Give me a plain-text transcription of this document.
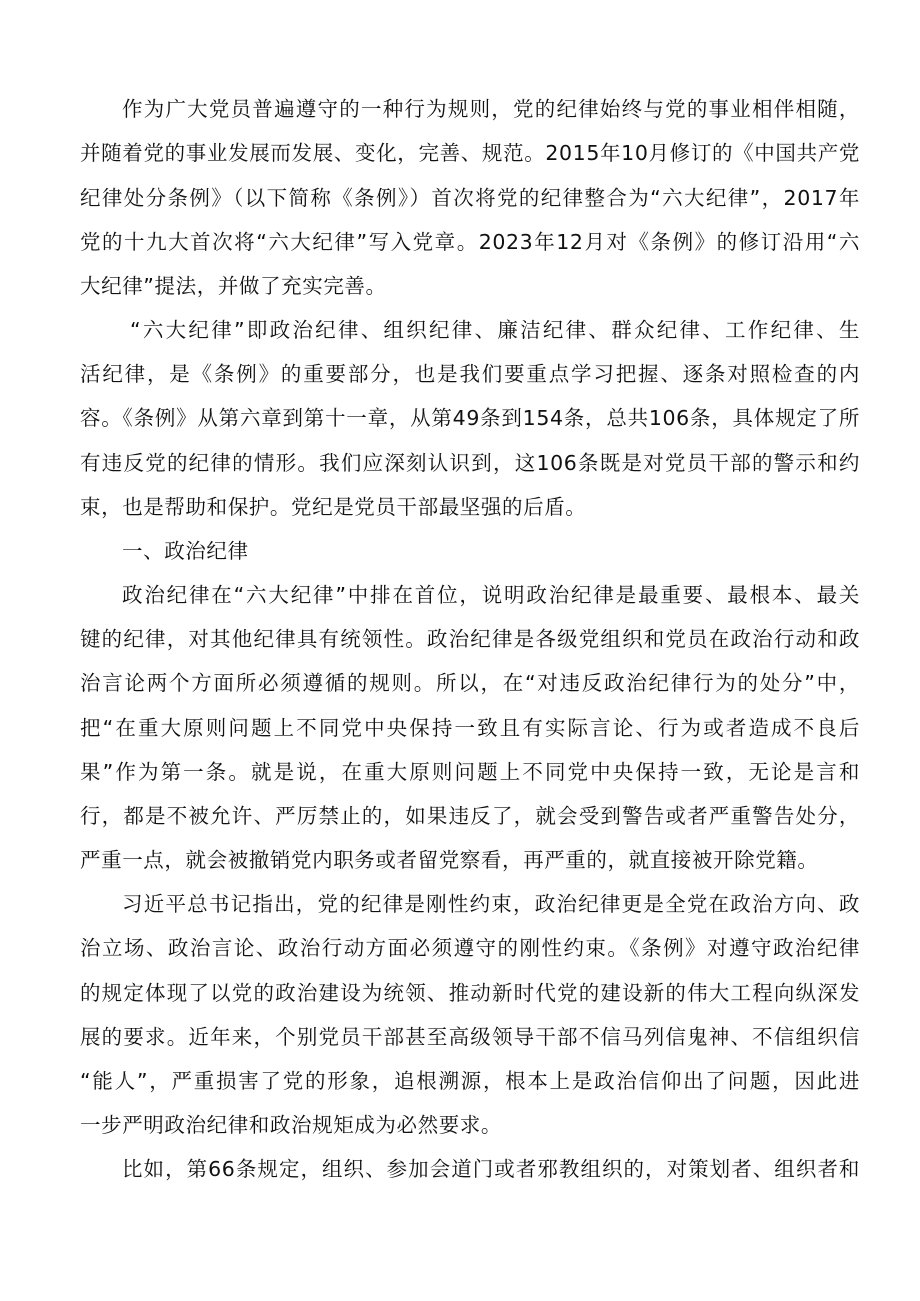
作为广大党员普遍遵守的一种行为规则，党的纪律始终与党的事业相伴相随，
并随着党的事业发展而发展、变化，完善、规范。2015年10月修订的《中国共产党
纪律处分条例》（以下简称《条例》）首次将党的纪律整合为“六大纪律”，2017年
党的十九大首次将“六大纪律”写入党章。2023年12月对《条例》的修订沿用“六
大纪律”提法，并做了充实完善。
“六大纪律”即政治纪律、组织纪律、廉洁纪律、群众纪律、工作纪律、生
活纪律，是《条例》的重要部分，也是我们要重点学习把握、逐条对照检查的内
容。《条例》从第六章到第十一章，从第49条到154条，总共106条，具体规定了所
有违反党的纪律的情形。我们应深刻认识到，这106条既是对党员干部的警示和约
束，也是帮助和保护。党纪是党员干部最坚强的后盾。
一、政治纪律
政治纪律在“六大纪律”中排在首位，说明政治纪律是最重要、最根本、最关
键的纪律，对其他纪律具有统领性。政治纪律是各级党组织和党员在政治行动和政
治言论两个方面所必须遵循的规则。所以，在“对违反政治纪律行为的处分”中，
把“在重大原则问题上不同党中央保持一致且有实际言论、行为或者造成不良后
果”作为第一条。就是说，在重大原则问题上不同党中央保持一致，无论是言和
行，都是不被允许、严厉禁止的，如果违反了，就会受到警告或者严重警告处分，
严重一点，就会被撤销党内职务或者留党察看，再严重的，就直接被开除党籍。
习近平总书记指出，党的纪律是刚性约束，政治纪律更是全党在政治方向、政
治立场、政治言论、政治行动方面必须遵守的刚性约束。《条例》对遵守政治纪律
的规定体现了以党的政治建设为统领、推动新时代党的建设新的伟大工程向纵深发
展的要求。近年来，个别党员干部甚至高级领导干部不信马列信鬼神、不信组织信
“能人”，严重损害了党的形象，追根溯源，根本上是政治信仰出了问题，因此进
一步严明政治纪律和政治规矩成为必然要求。
比如，第66条规定，组织、参加会道门或者邪教组织的，对策划者、组织者和
